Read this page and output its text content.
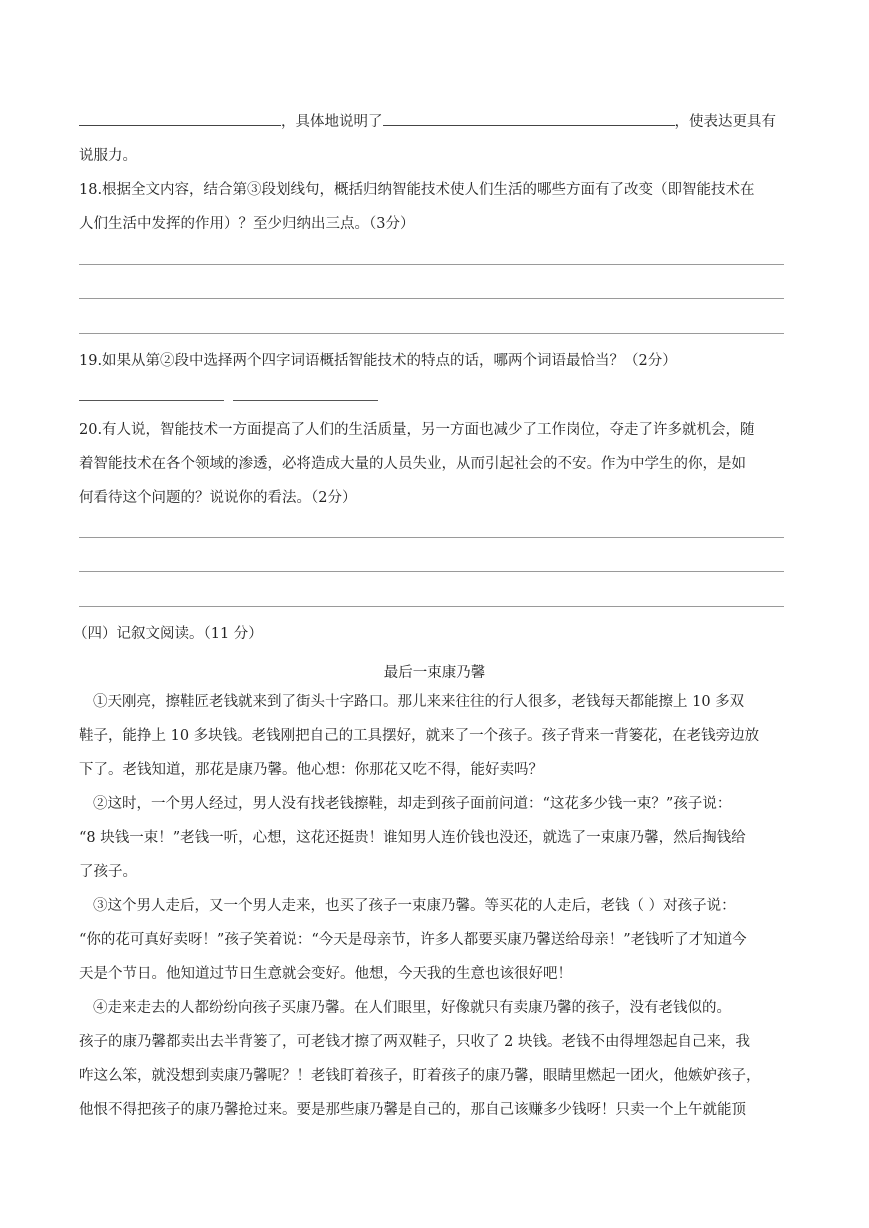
，具体地说明了	，使表达更具有
说服力。
18.根据全文内容，结合第③段划线句，概括归纳智能技术使人们生活的哪些方面有了改变（即智能技术在
人们生活中发挥的作用）？至少归纳出三点。（3分）
19.如果从第②段中选择两个四字词语概括智能技术的特点的话，哪两个词语最恰当？（2分）
20.有人说，智能技术一方面提高了人们的生活质量，另一方面也减少了工作岗位，夺走了许多就机会，随
着智能技术在各个领域的渗透，必将造成大量的人员失业，从而引起社会的不安。作为中学生的你，是如
何看待这个问题的？说说你的看法。（2分）
（四）记叙文阅读。（11 分）
最后一束康乃馨
①天刚亮，擦鞋匠老钱就来到了街头十字路口。那儿来来往往的行人很多，老钱每天都能擦上 10 多双
鞋子，能挣上 10 多块钱。老钱刚把自己的工具摆好，就来了一个孩子。孩子背来一背篓花，在老钱旁边放
下了。老钱知道，那花是康乃馨。他心想：你那花又吃不得，能好卖吗？
②这时，一个男人经过，男人没有找老钱擦鞋，却走到孩子面前问道：“这花多少钱一束？”孩子说：
“8 块钱一束！”老钱一听，心想，这花还挺贵！谁知男人连价钱也没还，就选了一束康乃馨，然后掏钱给
了孩子。
③这个男人走后，又一个男人走来，也买了孩子一束康乃馨。等买花的人走后，老钱（ ）对孩子说：
“你的花可真好卖呀！”孩子笑着说：“今天是母亲节，许多人都要买康乃馨送给母亲！”老钱听了才知道今
天是个节日。他知道过节日生意就会变好。他想，今天我的生意也该很好吧！
④走来走去的人都纷纷向孩子买康乃馨。在人们眼里，好像就只有卖康乃馨的孩子，没有老钱似的。
孩子的康乃馨都卖出去半背篓了，可老钱才擦了两双鞋子，只收了 2 块钱。老钱不由得埋怨起自己来，我
咋这么笨，就没想到卖康乃馨呢？！老钱盯着孩子，盯着孩子的康乃馨，眼睛里燃起一团火，他嫉妒孩子，
他恨不得把孩子的康乃馨抢过来。要是那些康乃馨是自己的，那自己该赚多少钱呀！只卖一个上午就能顶
